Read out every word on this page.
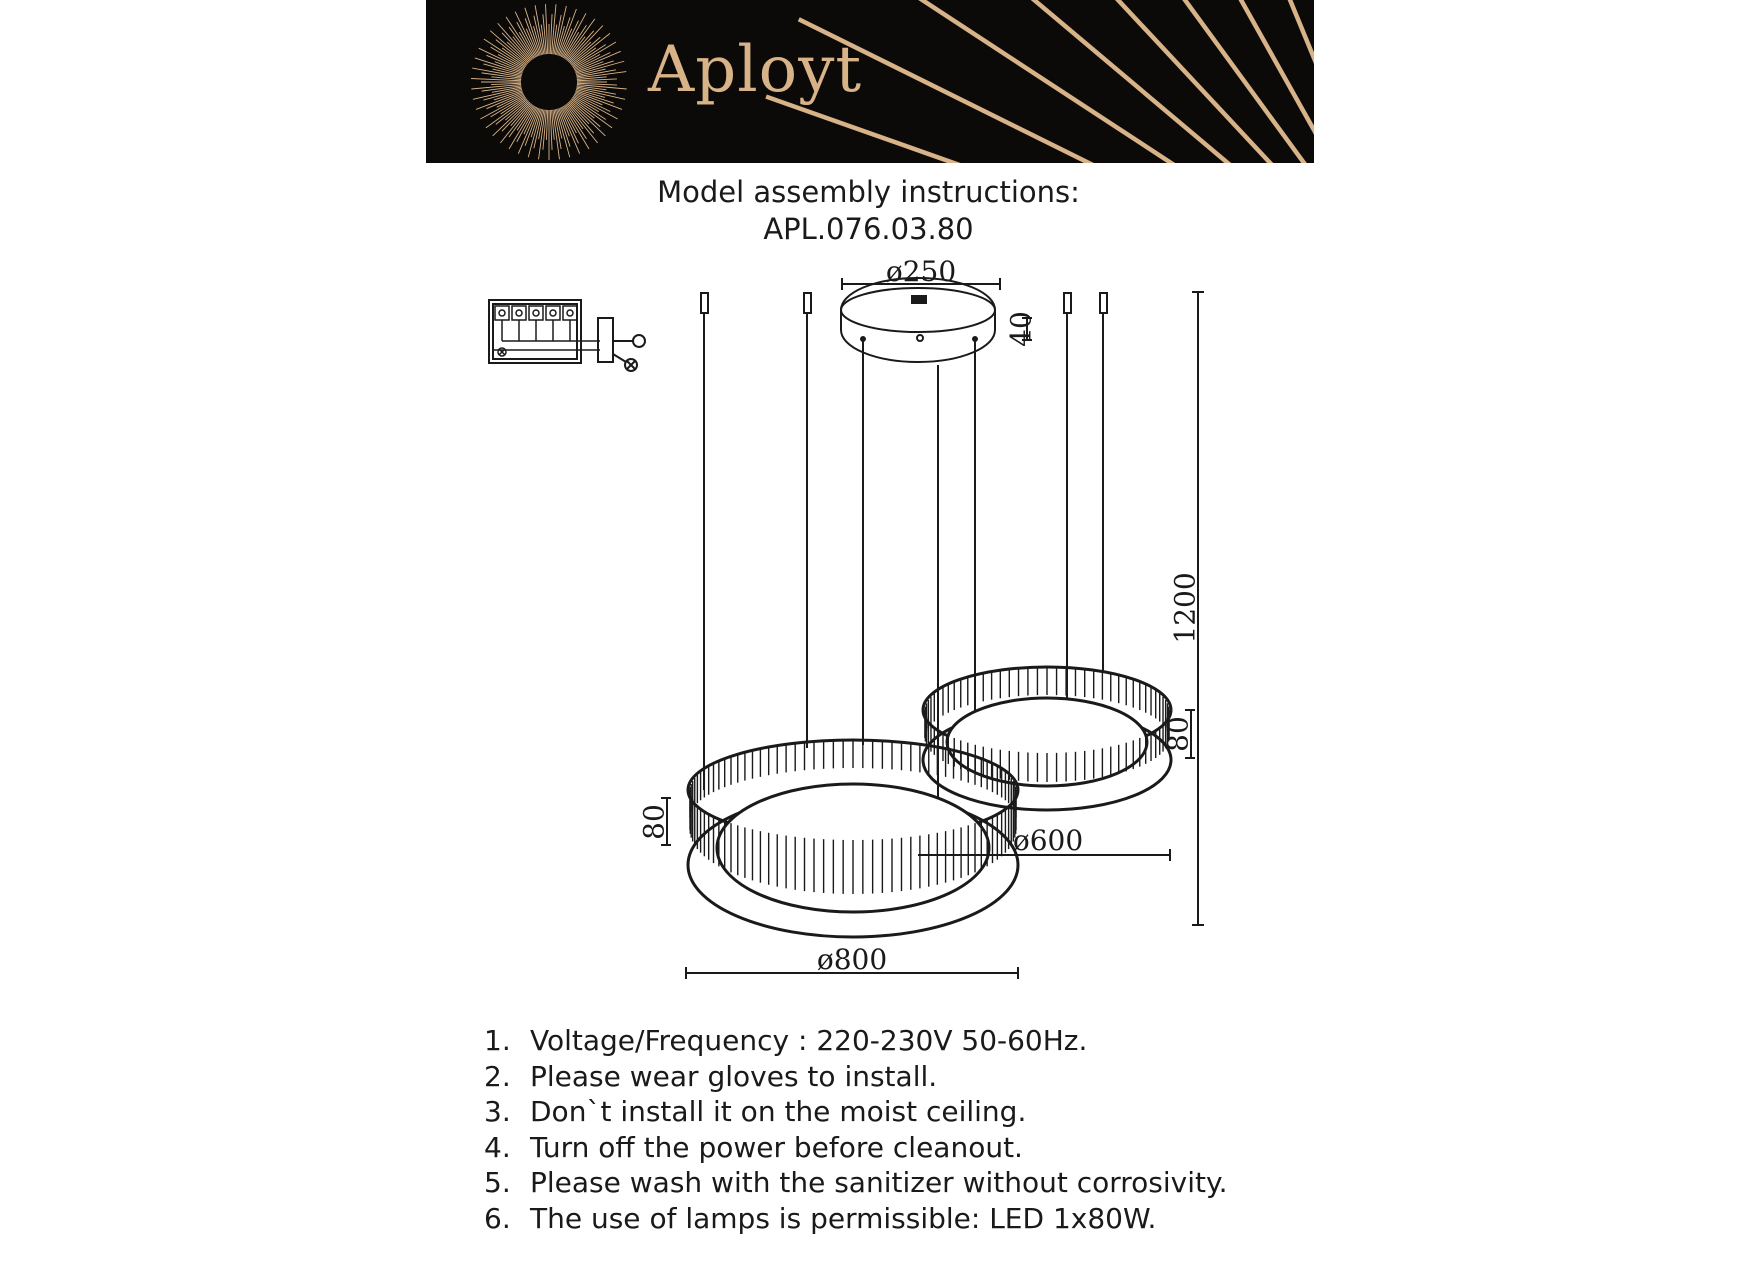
Aployt
Model assembly instructions:
APL.076.03.80
ø250
40
1200
80
ø600
80
ø800
1. Voltage/Frequency : 220-230V 50-60Hz.
2. Please wear gloves to install.
3. Don`t install it on the moist ceiling.
4. Turn off the power before cleanout.
5. Please wash with the sanitizer without corrosivity.
6. The use of lamps is permissible: LED 1x80W.
